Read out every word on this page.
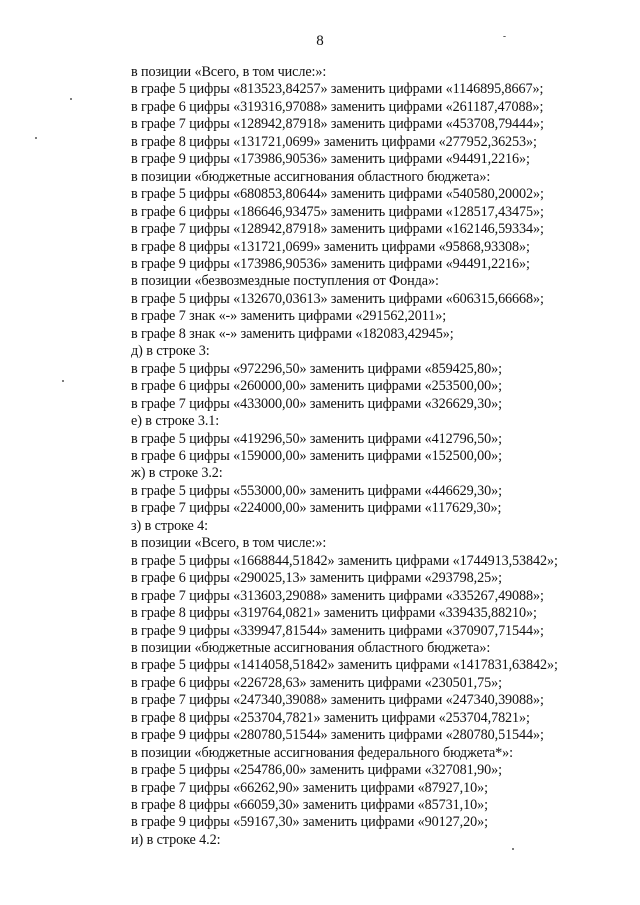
8
в позиции «Всего, в том числе:»:
в графе 5 цифры «813523,84257» заменить цифрами «1146895,8667»;
в графе 6 цифры «319316,97088» заменить цифрами «261187,47088»;
в графе 7 цифры «128942,87918» заменить цифрами «453708,79444»;
в графе 8 цифры «131721,0699» заменить цифрами «277952,36253»;
в графе 9 цифры «173986,90536» заменить цифрами «94491,2216»;
в позиции «бюджетные ассигнования областного бюджета»:
в графе 5 цифры «680853,80644» заменить цифрами «540580,20002»;
в графе 6 цифры «186646,93475» заменить цифрами «128517,43475»;
в графе 7 цифры «128942,87918» заменить цифрами «162146,59334»;
в графе 8 цифры «131721,0699» заменить цифрами «95868,93308»;
в графе 9 цифры «173986,90536» заменить цифрами «94491,2216»;
в позиции «безвозмездные поступления от Фонда»:
в графе 5 цифры «132670,03613» заменить цифрами «606315,66668»;
в графе 7 знак «-» заменить цифрами «291562,2011»;
в графе 8 знак «-» заменить цифрами «182083,42945»;
д) в строке 3:
в графе 5 цифры «972296,50» заменить цифрами «859425,80»;
в графе 6 цифры «260000,00» заменить цифрами «253500,00»;
в графе 7 цифры «433000,00» заменить цифрами «326629,30»;
е) в строке 3.1:
в графе 5 цифры «419296,50» заменить цифрами «412796,50»;
в графе 6 цифры «159000,00» заменить цифрами «152500,00»;
ж) в строке 3.2:
в графе 5 цифры «553000,00» заменить цифрами «446629,30»;
в графе 7 цифры «224000,00» заменить цифрами «117629,30»;
з) в строке 4:
в позиции «Всего, в том числе:»:
в графе 5 цифры «1668844,51842» заменить цифрами «1744913,53842»;
в графе 6 цифры «290025,13» заменить цифрами «293798,25»;
в графе 7 цифры «313603,29088» заменить цифрами «335267,49088»;
в графе 8 цифры «319764,0821» заменить цифрами «339435,88210»;
в графе 9 цифры «339947,81544» заменить цифрами «370907,71544»;
в позиции «бюджетные ассигнования областного бюджета»:
в графе 5 цифры «1414058,51842» заменить цифрами «1417831,63842»;
в графе 6 цифры «226728,63» заменить цифрами «230501,75»;
в графе 7 цифры «247340,39088» заменить цифрами «247340,39088»;
в графе 8 цифры «253704,7821» заменить цифрами «253704,7821»;
в графе 9 цифры «280780,51544» заменить цифрами «280780,51544»;
в позиции «бюджетные ассигнования федерального бюджета*»:
в графе 5 цифры «254786,00» заменить цифрами «327081,90»;
в графе 7 цифры «66262,90» заменить цифрами «87927,10»;
в графе 8 цифры «66059,30» заменить цифрами «85731,10»;
в графе 9 цифры «59167,30» заменить цифрами «90127,20»;
и) в строке 4.2:
